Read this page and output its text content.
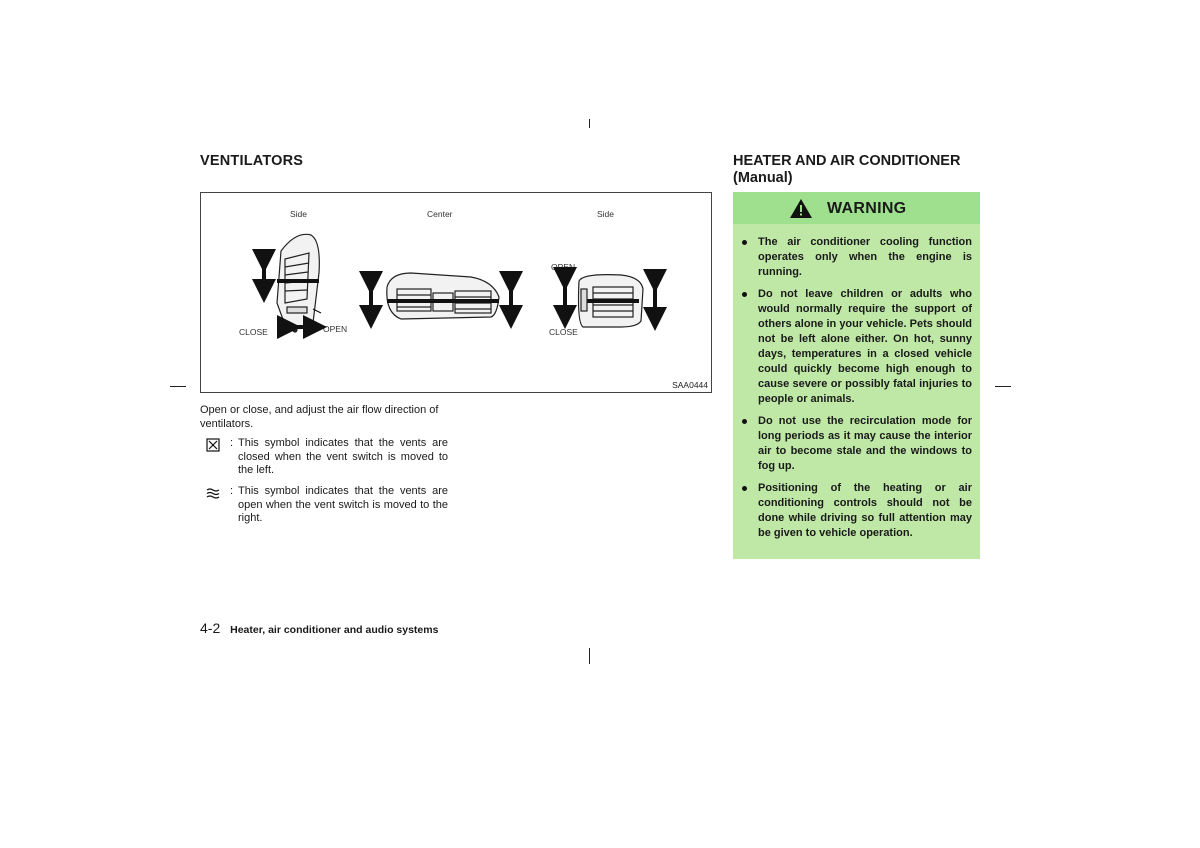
VENTILATORS
Side	Center	Side
CLOSE	OPEN
OPEN
CLOSE
SAA0444
Open or close, and adjust the air flow direction of ventilators.
: This symbol indicates that the vents are closed when the vent switch is moved to the left.
: This symbol indicates that the vents are open when the vent switch is moved to the right.
HEATER AND AIR CONDITIONER
(Manual)
WARNING
The air conditioner cooling function operates only when the engine is running.
Do not leave children or adults who would normally require the support of others alone in your vehicle. Pets should not be left alone either. On hot, sunny days, temperatures in a closed vehicle could quickly become high enough to cause severe or possibly fatal injuries to people or animals.
Do not use the recirculation mode for long periods as it may cause the interior air to become stale and the windows to fog up.
Positioning of the heating or air conditioning controls should not be done while driving so full attention may be given to vehicle operation.
4-2 Heater, air conditioner and audio systems
